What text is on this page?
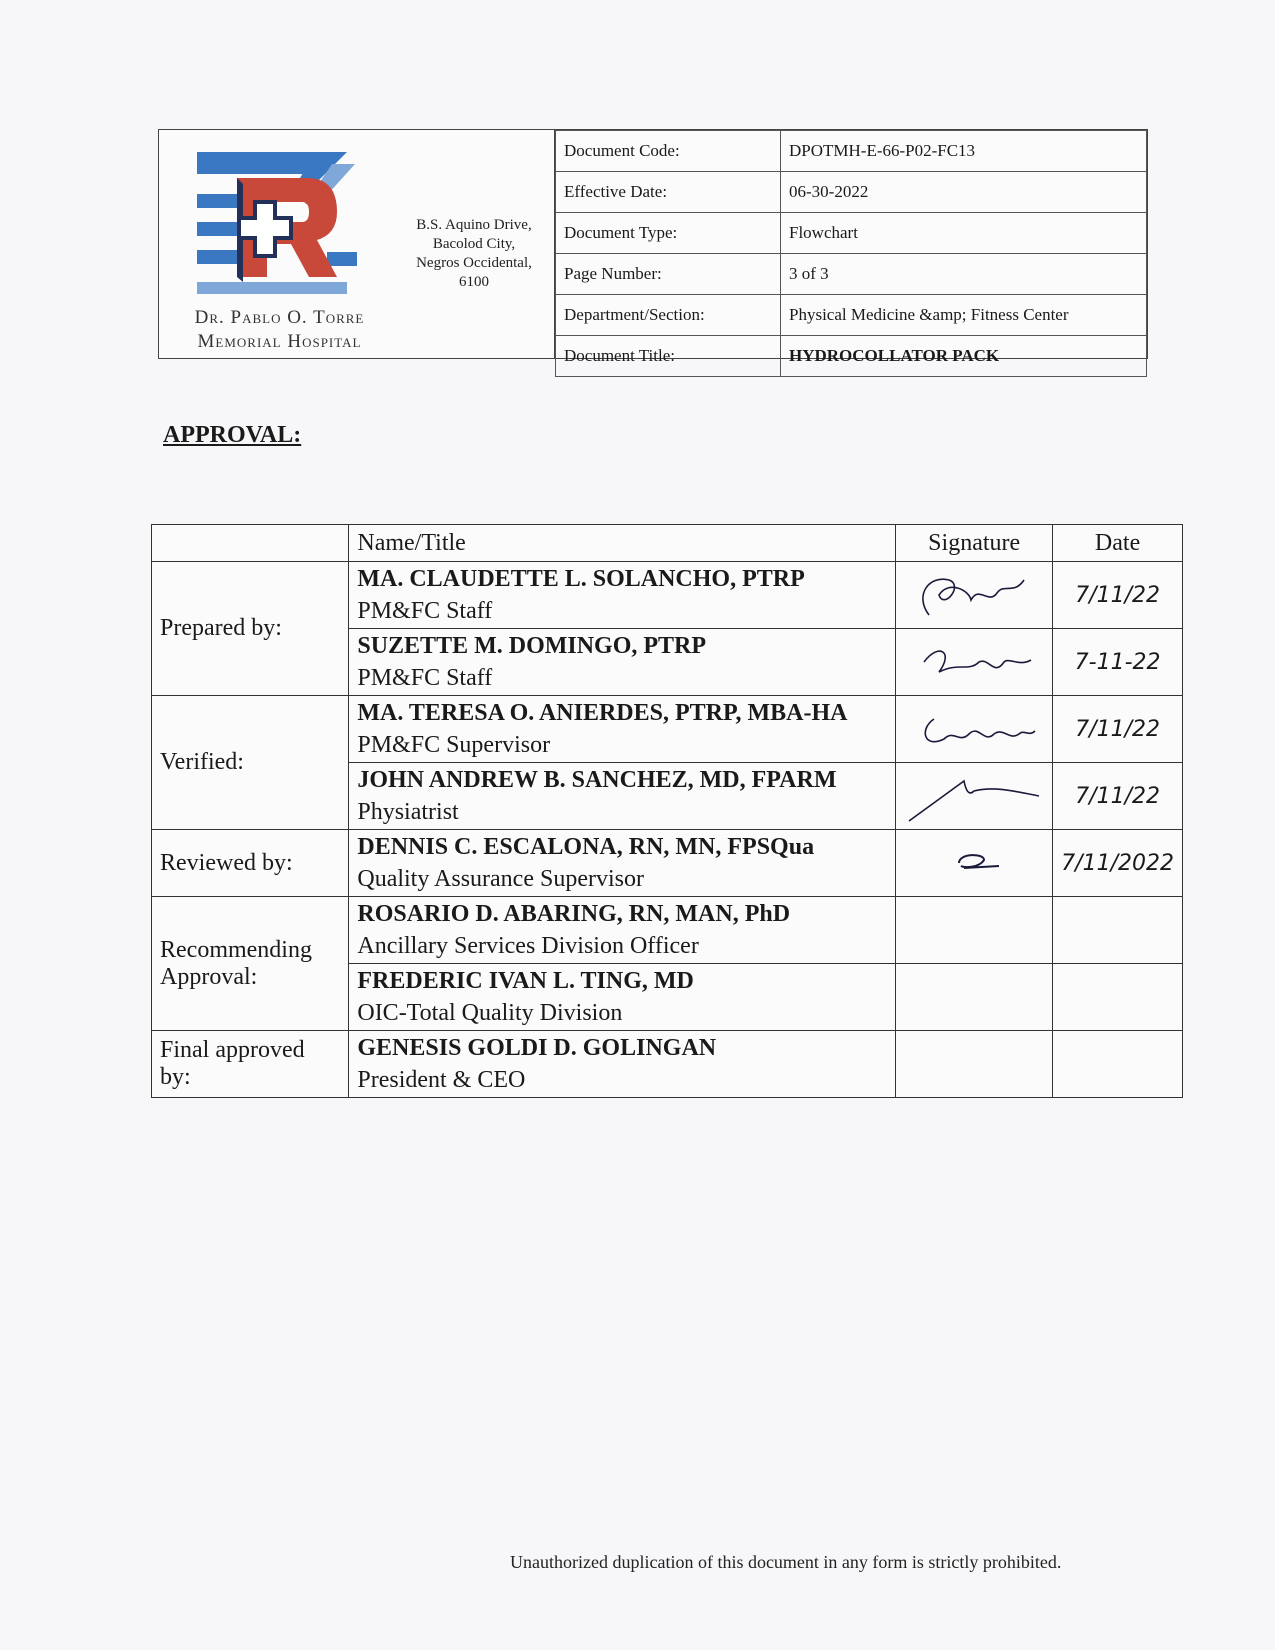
Dr. Pablo O. Torre
Memorial Hospital
B.S. Aquino Drive,
Bacolod City,
Negros Occidental,
6100
Document Code:	DPOTMH-E-66-P02-FC13
Effective Date:	06-30-2022
Document Type:	Flowchart
Page Number:	3 of 3
Department/Section:	Physical Medicine &amp; Fitness Center
Document Title:	HYDROCOLLATOR PACK
APPROVAL:
	Name/Title	Signature	Date
Prepared by:	MA. CLAUDETTE L. SOLANCHO, PTRP
PM&FC Staff		7/11/22

	SUZETTE M. DOMINGO, PTRP
PM&FC Staff		7-11-22
Verified:	MA. TERESA O. ANIERDES, PTRP, MBA-HA
PM&FC Supervisor		7/11/22

	JOHN ANDREW B. SANCHEZ, MD, FPARM
Physiatrist		7/11/22
Reviewed by:	DENNIS C. ESCALONA, RN, MN, FPSQua
Quality Assurance Supervisor		7/11/2022
Recommending
Approval:	ROSARIO D. ABARING, RN, MAN, PhD
Ancillary Services Division Officer		

	FREDERIC IVAN L. TING, MD
OIC-Total Quality Division		

Final approved
by:	GENESIS GOLDI D. GOLINGAN
President & CEO		

Unauthorized duplication of this document in any form is strictly prohibited.
